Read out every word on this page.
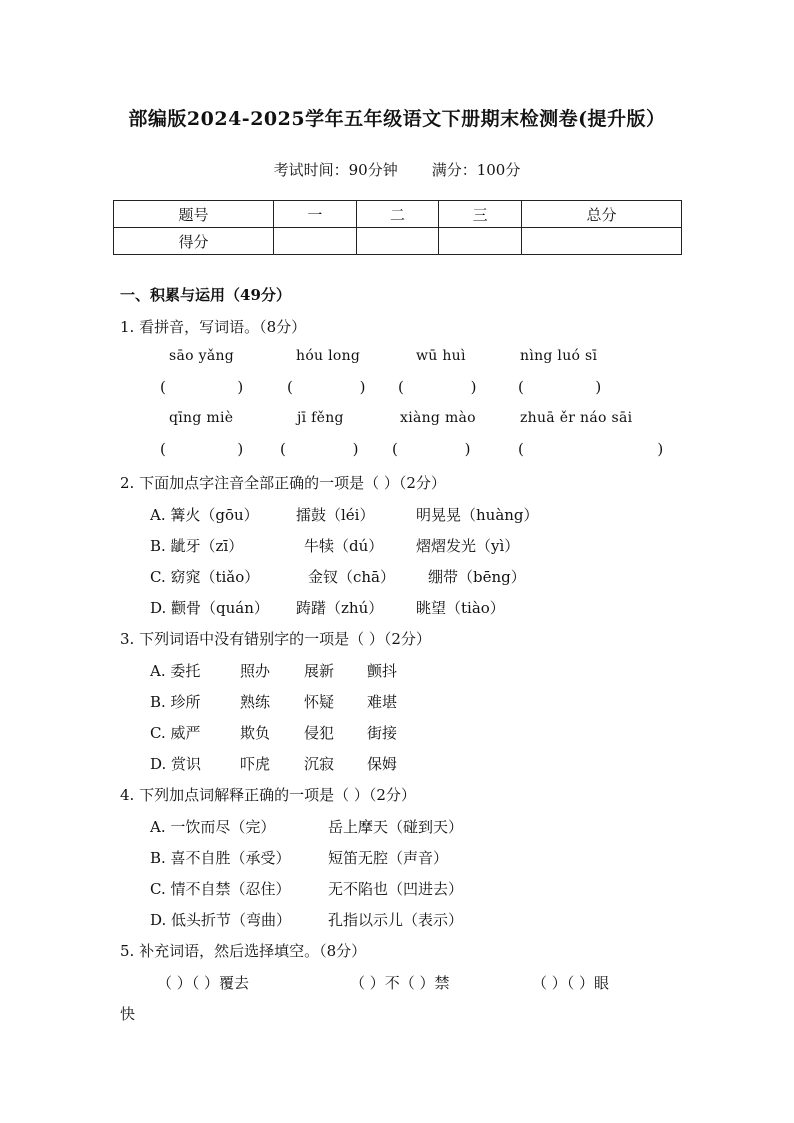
部编版2024-2025学年五年级语文下册期末检测卷(提升版）
考试时间：90分钟 满分：100分
题号	一	二	三	总分
得分				
一、积累与运用（49分）
1. 看拼音，写词语。（8分）
sāo yǎng	hóu long	wū huì	nìng luó sī
(               )	(              ) (              )	(               )
qīng miè	jī fěng	xiàng mào	zhuā ěr náo sāi
(               ) (              ) (              )	(                            )
2. 下面加点字注音全部正确的一项是（ ）（2分）
A. 篝火（gōu） 擂鼓（léi）	明晃晃（huàng）
B. 龇牙（zī）	牛犊（dú） 熠熠发光（yì）
C. 窈窕（tiǎo）	金钗（chā） 绷带（bēng）
D. 颧骨（quán） 踌躇（zhú） 眺望（tiào）
3. 下列词语中没有错别字的一项是（ ）（2分）
A. 委托	照办 展新 颤抖
B. 珍所	熟练 怀疑 难堪
C. 威严	欺负 侵犯 街接
D. 赏识	吓虎 沉寂 保姆
4. 下列加点词解释正确的一项是（ ）（2分）
A. 一饮而尽（完）	岳上摩天（碰到天）
B. 喜不自胜（承受） 短笛无腔（声音）
C. 情不自禁（忍住）	无不陷也（凹进去）
D. 低头折节（弯曲） 孔指以示儿（表示）
5. 补充词语，然后选择填空。（8分）
（ ）（ ）覆去	（ ）不（ ）禁	（ ）（ ）眼
快
